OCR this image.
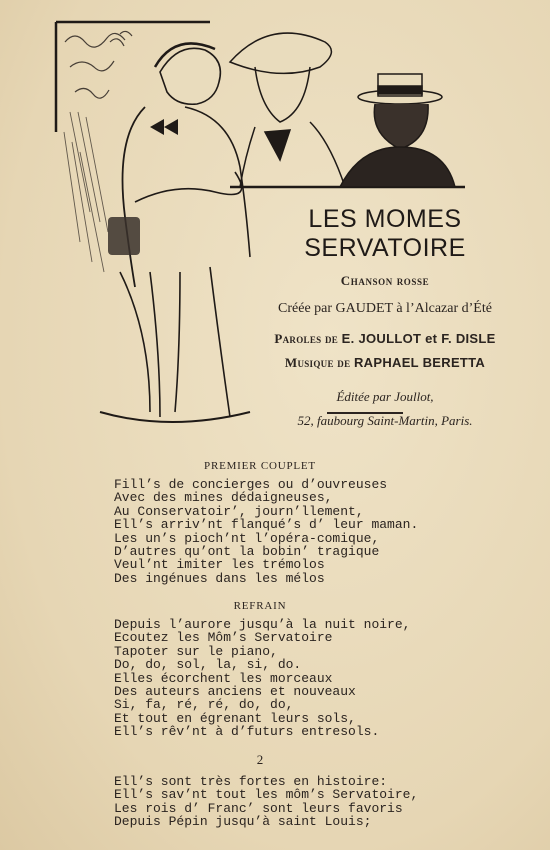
LES MOMES SERVATOIRE

Chanson rosse

Créée par GAUDET à l’Alcazar d’Été

Paroles de E. JOULLOT et F. DISLE

Musique de RAPHAEL BERETTA

Éditée par Joullot,

52, faubourg Saint-Martin, Paris.

PREMIER COUPLET
Fill’s de concierges ou d’ouvreuses
Avec des mines dédaigneuses,
Au Conservatoir’, journ’llement,
Ell’s arriv’nt flanqué’s d’ leur maman.
Les un’s pioch’nt l’opéra-comique,
D’autres qu’ont la bobin’ tragique
Veul’nt imiter les trémolos
Des ingénues dans les mélos
REFRAIN
Depuis l’aurore jusqu’à la nuit noire,
Ecoutez les Môm’s Servatoire
Tapoter sur le piano,
Do, do, sol, la, si, do.
Elles écorchent les morceaux
Des auteurs anciens et nouveaux
Si, fa, ré, ré, do, do,
Et tout en égrenant leurs sols,
Ell’s rêv’nt à d’futurs entresols.
2
Ell’s sont très fortes en histoire:
Ell’s sav’nt tout les môm’s Servatoire,
Les rois d’ Franc’ sont leurs favoris
Depuis Pépin jusqu’à saint Louis;
